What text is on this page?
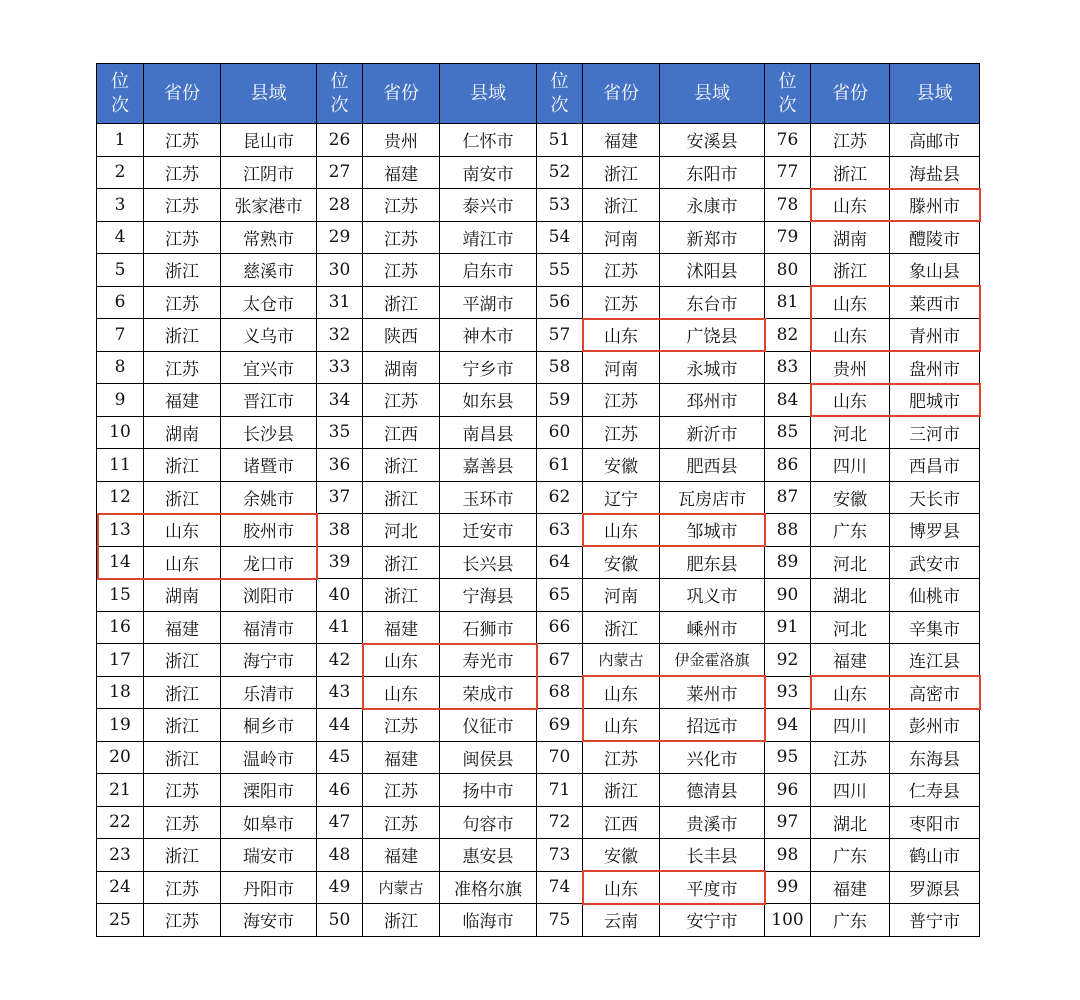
位次	省份	县域	位次	省份	县域	位次	省份	县域	位次	省份	县域
1	江苏	昆山市	26	贵州	仁怀市	51	福建	安溪县	76	江苏	高邮市
2	江苏	江阴市	27	福建	南安市	52	浙江	东阳市	77	浙江	海盐县
3	江苏	张家港市	28	江苏	泰兴市	53	浙江	永康市	78	山东	滕州市
4	江苏	常熟市	29	江苏	靖江市	54	河南	新郑市	79	湖南	醴陵市
5	浙江	慈溪市	30	江苏	启东市	55	江苏	沭阳县	80	浙江	象山县
6	江苏	太仓市	31	浙江	平湖市	56	江苏	东台市	81	山东	莱西市
7	浙江	义乌市	32	陕西	神木市	57	山东	广饶县	82	山东	青州市
8	江苏	宜兴市	33	湖南	宁乡市	58	河南	永城市	83	贵州	盘州市
9	福建	晋江市	34	江苏	如东县	59	江苏	邳州市	84	山东	肥城市
10	湖南	长沙县	35	江西	南昌县	60	江苏	新沂市	85	河北	三河市
11	浙江	诸暨市	36	浙江	嘉善县	61	安徽	肥西县	86	四川	西昌市
12	浙江	余姚市	37	浙江	玉环市	62	辽宁	瓦房店市	87	安徽	天长市
13	山东	胶州市	38	河北	迁安市	63	山东	邹城市	88	广东	博罗县
14	山东	龙口市	39	浙江	长兴县	64	安徽	肥东县	89	河北	武安市
15	湖南	浏阳市	40	浙江	宁海县	65	河南	巩义市	90	湖北	仙桃市
16	福建	福清市	41	福建	石狮市	66	浙江	嵊州市	91	河北	辛集市
17	浙江	海宁市	42	山东	寿光市	67	内蒙古	伊金霍洛旗	92	福建	连江县
18	浙江	乐清市	43	山东	荣成市	68	山东	莱州市	93	山东	高密市
19	浙江	桐乡市	44	江苏	仪征市	69	山东	招远市	94	四川	彭州市
20	浙江	温岭市	45	福建	闽侯县	70	江苏	兴化市	95	江苏	东海县
21	江苏	溧阳市	46	江苏	扬中市	71	浙江	德清县	96	四川	仁寿县
22	江苏	如皋市	47	江苏	句容市	72	江西	贵溪市	97	湖北	枣阳市
23	浙江	瑞安市	48	福建	惠安县	73	安徽	长丰县	98	广东	鹤山市
24	江苏	丹阳市	49	内蒙古	准格尔旗	74	山东	平度市	99	福建	罗源县
25	江苏	海安市	50	浙江	临海市	75	云南	安宁市	100	广东	普宁市
